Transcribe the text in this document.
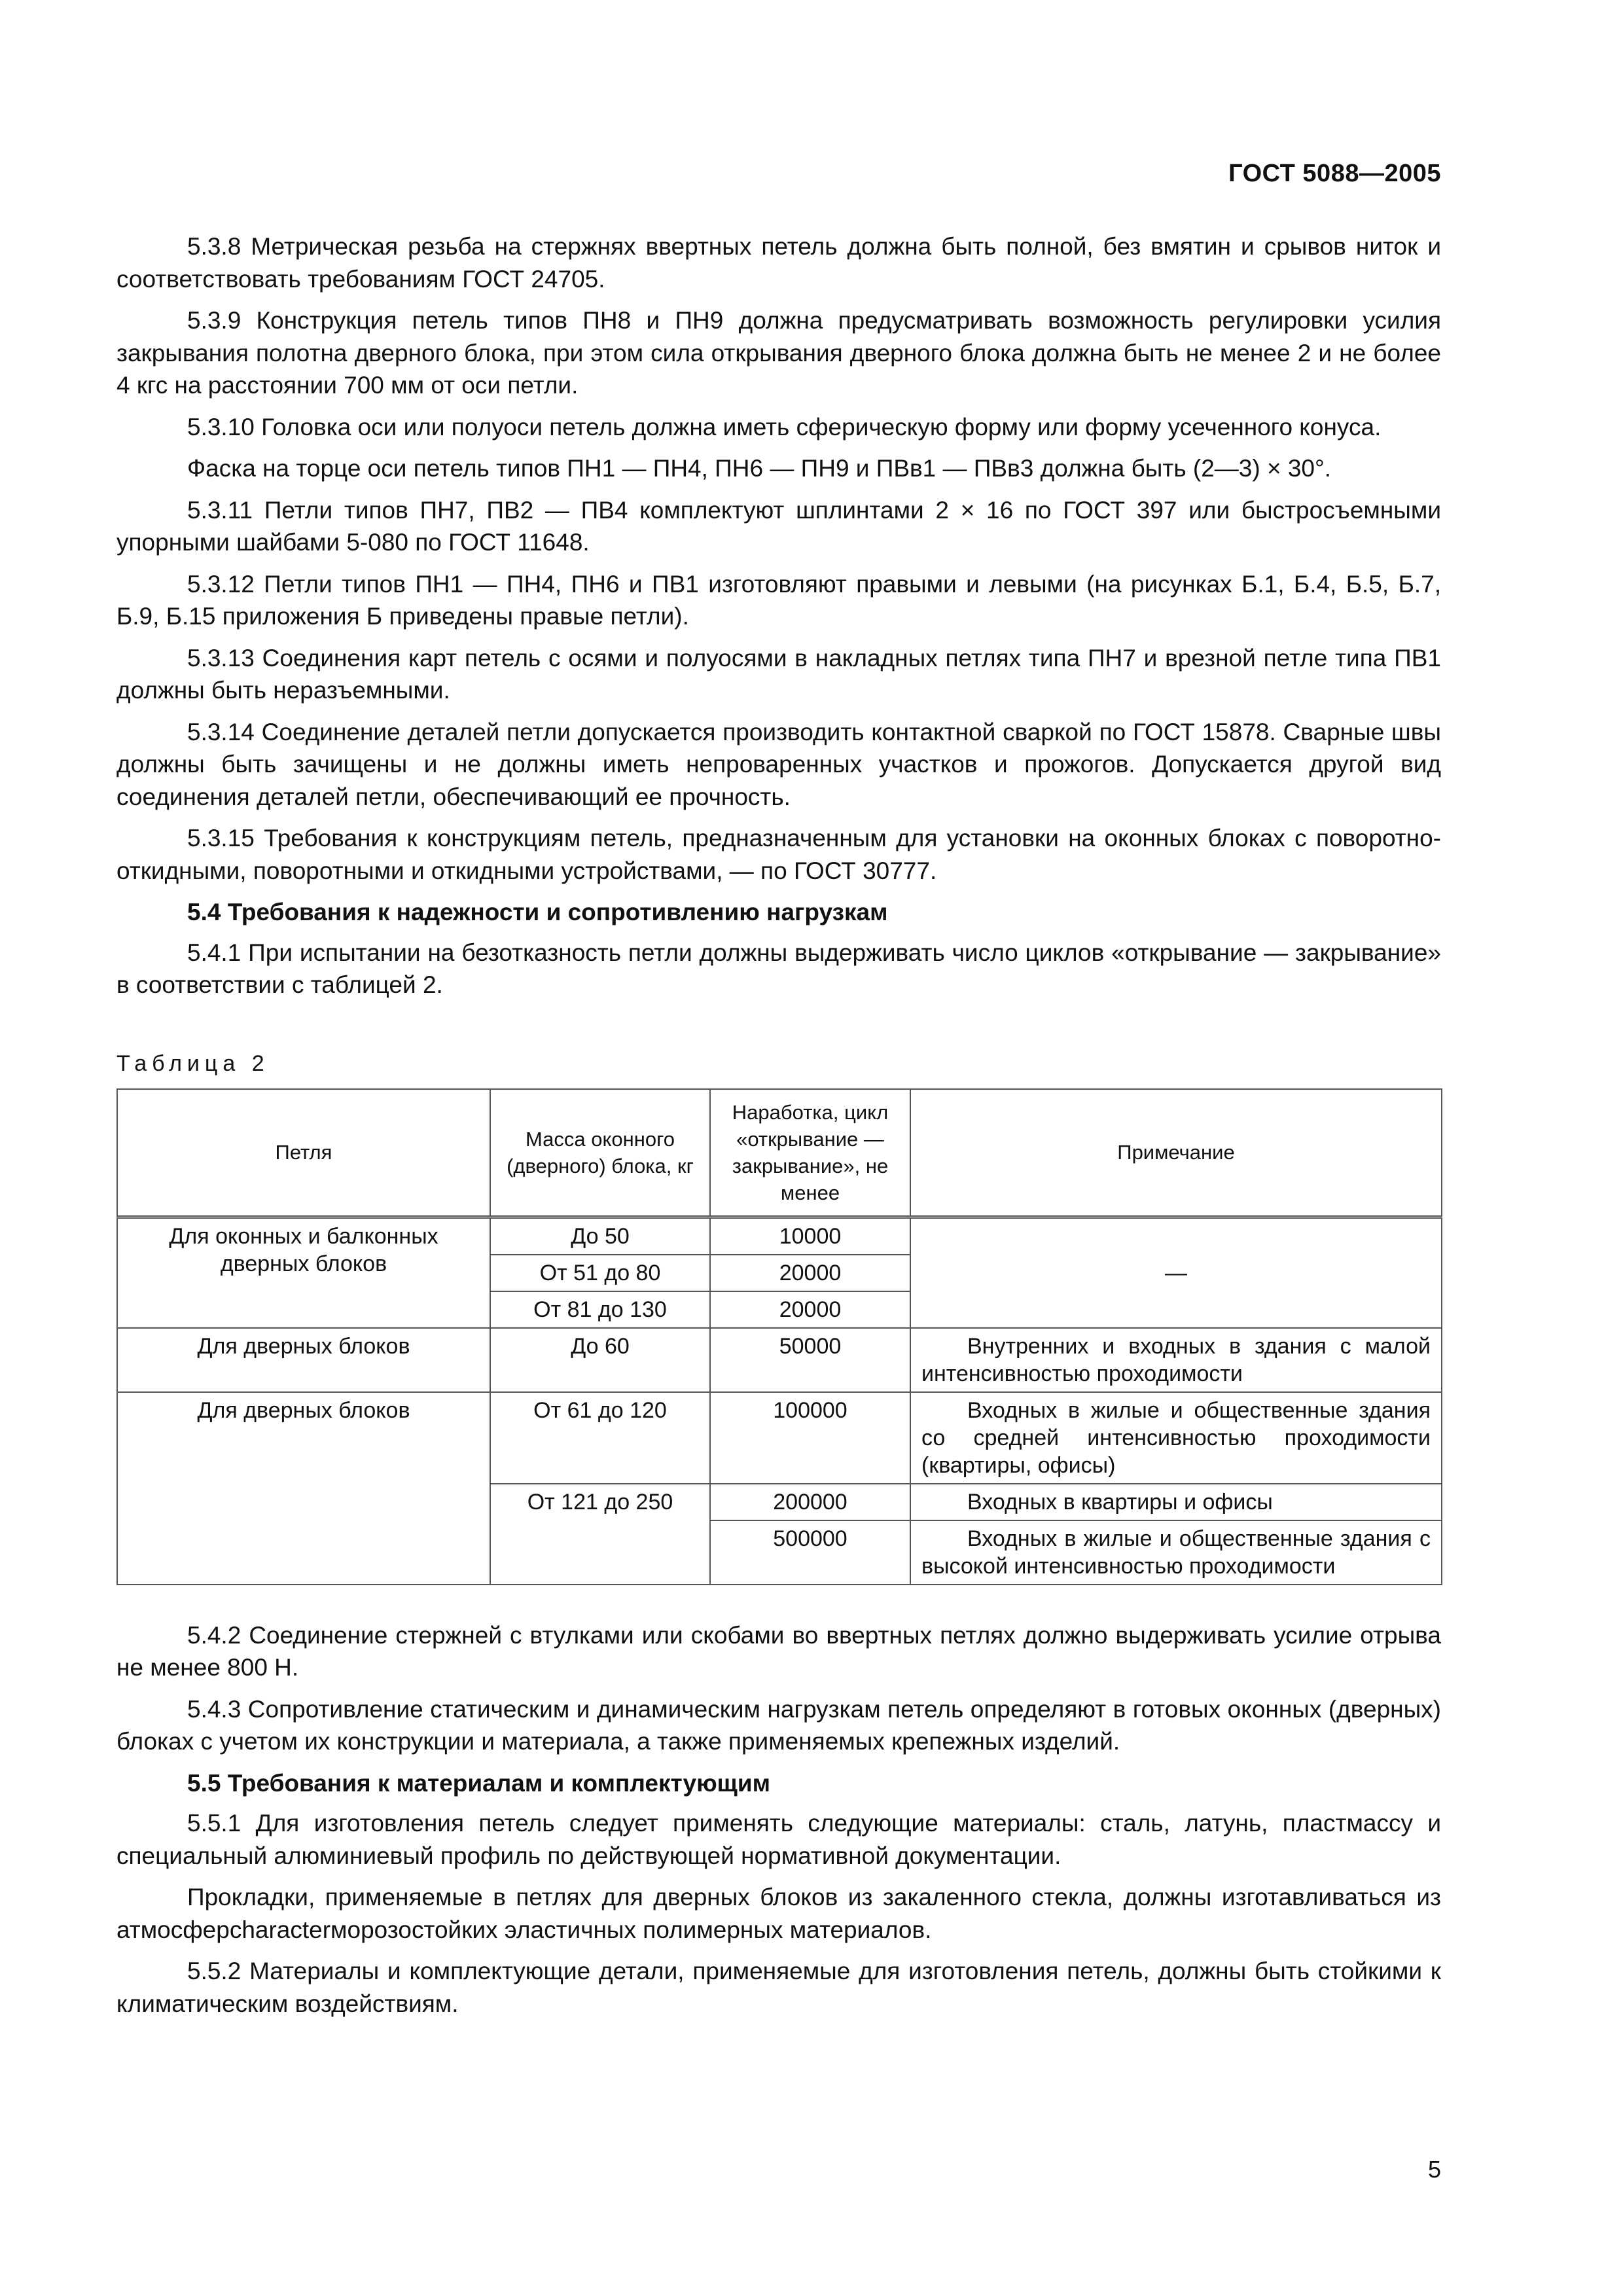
ГОСТ 5088—2005

5.3.8 Метрическая резьба на стержнях ввертных петель должна быть полной, без вмятин и срывов ниток и соответствовать требованиям ГОСТ 24705.

5.3.9 Конструкция петель типов ПН8 и ПН9 должна предусматривать возможность регулировки усилия закрывания полотна дверного блока, при этом сила открывания дверного блока должна быть не менее 2 и не более 4 кгс на расстоянии 700 мм от оси петли.

5.3.10 Головка оси или полуоси петель должна иметь сферическую форму или форму усеченного конуса.

Фаска на торце оси петель типов ПН1 — ПН4, ПН6 — ПН9 и ПВв1 — ПВв3 должна быть (2—3) × 30°.

5.3.11 Петли типов ПН7, ПВ2 — ПВ4 комплектуют шплинтами 2 × 16 по ГОСТ 397 или быстросъемными упорными шайбами 5-080 по ГОСТ 11648.

5.3.12 Петли типов ПН1 — ПН4, ПН6 и ПВ1 изготовляют правыми и левыми (на рисунках Б.1, Б.4, Б.5, Б.7, Б.9, Б.15 приложения Б приведены правые петли).

5.3.13 Соединения карт петель с осями и полуосями в накладных петлях типа ПН7 и врезной петле типа ПВ1 должны быть неразъемными.

5.3.14 Соединение деталей петли допускается производить контактной сваркой по ГОСТ 15878. Сварные швы должны быть зачищены и не должны иметь непроваренных участков и прожогов. Допускается другой вид соединения деталей петли, обеспечивающий ее прочность.

5.3.15 Требования к конструкциям петель, предназначенным для установки на оконных блоках с поворотно-откидными, поворотными и откидными устройствами, — по ГОСТ 30777.

5.4 Требования к надежности и сопротивлению нагрузкам

5.4.1 При испытании на безотказность петли должны выдерживать число циклов «открывание — закрывание» в соответствии с таблицей 2.

Таблица 2
Петля	Масса оконного (дверного) блока, кг	Наработка, цикл «открывание — закрывание», не менее	Примечание
Для оконных и балконных дверных блоков	До 50	10000	—
	От 51 до 80	20000	
	От 81 до 130	20000	
Для дверных блоков	До 60	50000	Внутренних и входных в здания с малой интенсивностью проходимости
Для дверных блоков	От 61 до 120	100000	Входных в жилые и общественные здания со средней интенсивностью проходимости (квартиры, офисы)
	От 121 до 250	200000	Входных в квартиры и офисы
		500000	Входных в жилые и общественные здания с высокой интенсивностью проходимости

5.4.2 Соединение стержней с втулками или скобами во ввертных петлях должно выдерживать усилие отрыва не менее 800 Н.

5.4.3 Сопротивление статическим и динамическим нагрузкам петель определяют в готовых оконных (дверных) блоках с учетом их конструкции и материала, а также применяемых крепежных изделий.

5.5 Требования к материалам и комплектующим

5.5.1 Для изготовления петель следует применять следующие материалы: сталь, латунь, пластмассу и специальный алюминиевый профиль по действующей нормативной документации.

Прокладки, применяемые в петлях для дверных блоков из закаленного стекла, должны изготавливаться из атмосферcharacterморозостойких эластичных полимерных материалов.

5.5.2 Материалы и комплектующие детали, применяемые для изготовления петель, должны быть стойкими к климатическим воздействиям.

5
